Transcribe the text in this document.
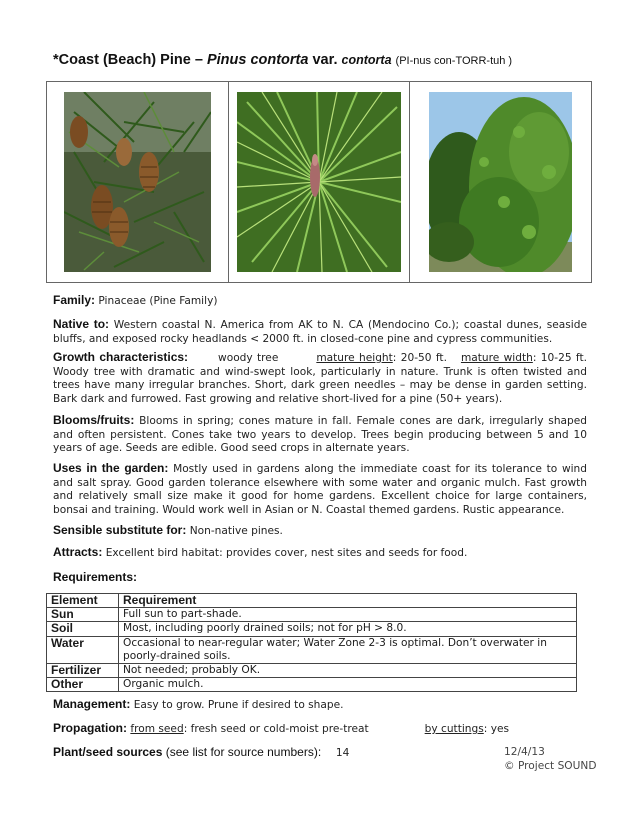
*Coast (Beach) Pine – Pinus contorta var. contorta (PI-nus con-TORR-tuh )
Family: Pinaceae (Pine Family)
Native to: Western coastal N. America from AK to N. CA (Mendocino Co.); coastal dunes, seaside bluffs, and exposed rocky headlands < 2000 ft. in closed-cone pine and cypress communities.
Growth characteristics:	woody tree	mature height: 20-50 ft. mature width: 10-25 ft. Woody tree with dramatic and wind-swept look, particularly in nature. Trunk is often twisted and trees have many irregular branches. Short, dark green needles – may be dense in garden setting. Bark dark and furrowed. Fast growing and relative short-lived for a pine (50+ years).
Blooms/fruits: Blooms in spring; cones mature in fall. Female cones are dark, irregularly shaped and often persistent. Cones take two years to develop. Trees begin producing between 5 and 10 years of age. Seeds are edible. Good seed crops in alternate years.
Uses in the garden: Mostly used in gardens along the immediate coast for its tolerance to wind and salt spray. Good garden tolerance elsewhere with some water and organic mulch. Fast growth and relatively small size make it good for home gardens. Excellent choice for large containers, bonsai and training. Would work well in Asian or N. Coastal themed gardens. Rustic appearance.
Sensible substitute for: Non-native pines.
Attracts: Excellent bird habitat: provides cover, nest sites and seeds for food.
Requirements:
Element	Requirement
Sun	Full sun to part-shade.
Soil	Most, including poorly drained soils; not for pH > 8.0.
Water	Occasional to near-regular water; Water Zone 2-3 is optimal. Don’t overwater in poorly-drained soils.
Fertilizer	Not needed; probably OK.
Other	Organic mulch.
Management: Easy to grow. Prune if desired to shape.
Propagation: from seed: fresh seed or cold-moist pre-treat	by cuttings: yes
Plant/seed sources (see list for source numbers): 14	12/4/13
© Project SOUND
